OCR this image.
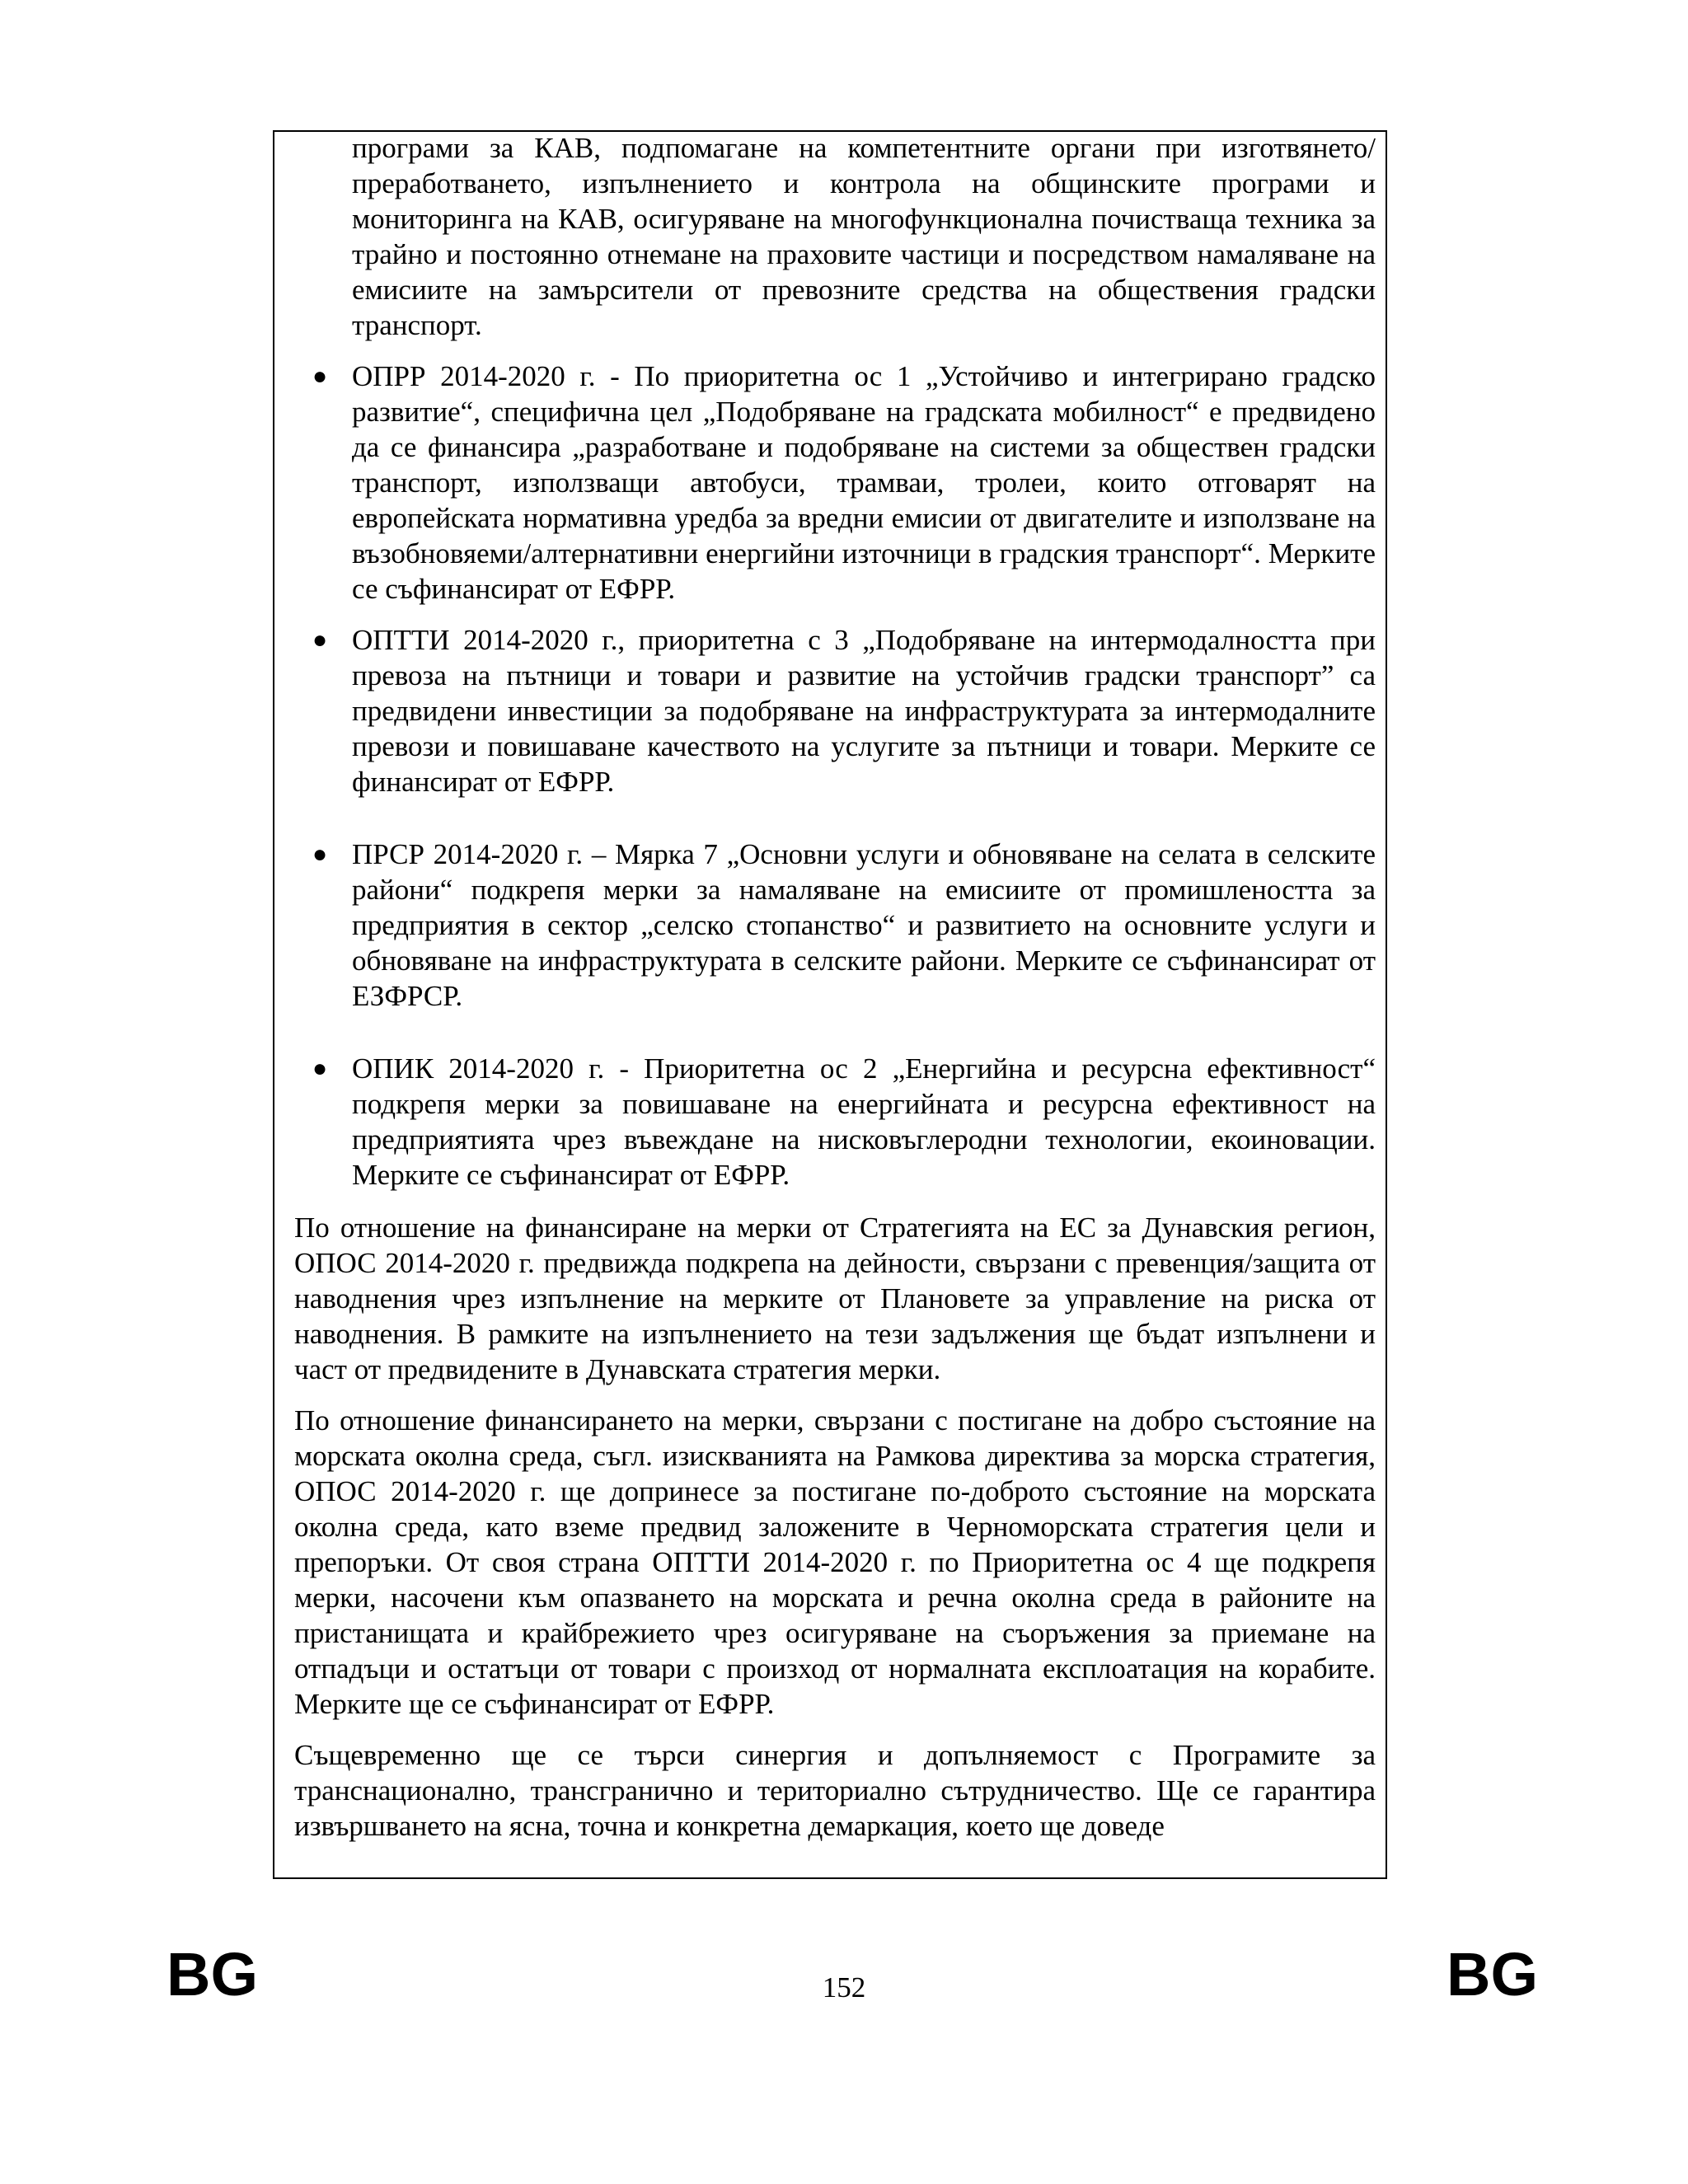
програми за КАВ, подпомагане на компетентните органи при изготвянето/преработването, изпълнението и контрола на общинските програми и мониторинга на КАВ, осигуряване на многофункционална почистваща техника за трайно и постоянно отнемане на праховите частици и посредством намаляване на емисиите на замърсители от превозните средства на обществения градски транспорт.

● ОПРР 2014-2020 г. - По приоритетна ос 1 „Устойчиво и интегрирано градско развитие“, специфична цел „Подобряване на градската мобилност“ е предвидено да се финансира „разработване и подобряване на системи за обществен градски транспорт, използващи автобуси, трамваи, тролеи, които отговарят на европейската нормативна уредба за вредни емисии от двигателите и използване на възобновяеми/алтернативни енергийни източници в градския транспорт“. Мерките се съфинансират от ЕФРР.

● ОПТТИ 2014-2020 г., приоритетна с 3 „Подобряване на интермодалността при превоза на пътници и товари и развитие на устойчив градски транспорт” са предвидени инвестиции за подобряване на инфраструктурата за интермодалните превози и повишаване качеството на услугите за пътници и товари. Мерките се финансират от ЕФРР.

● ПРСР 2014-2020 г. – Мярка 7 „Основни услуги и обновяване на селата в селските райони“ подкрепя мерки за намаляване на емисиите от промишлеността за предприятия в сектор „селско стопанство“ и развитието на основните услуги и обновяване на инфраструктурата в селските райони. Мерките се съфинансират от ЕЗФРСР.

● ОПИК 2014-2020 г. - Приоритетна ос 2 „Енергийна и ресурсна ефективност“ подкрепя мерки за повишаване на енергийната и ресурсна ефективност на предприятията чрез въвеждане на нисковъглеродни технологии, екоиновации. Мерките се съфинансират от ЕФРР.

По отношение на финансиране на мерки от Стратегията на ЕС за Дунавския регион, ОПОС 2014-2020 г. предвижда подкрепа на дейности, свързани с превенция/защита от наводнения чрез изпълнение на мерките от Плановете за управление на риска от наводнения. В рамките на изпълнението на тези задължения ще бъдат изпълнени и част от предвидените в Дунавската стратегия мерки.

По отношение финансирането на мерки, свързани с постигане на добро състояние на морската околна среда, съгл. изискванията на Рамкова директива за морска стратегия, ОПОС 2014-2020 г. ще допринесе за постигане по-доброто състояние на морската околна среда, като вземе предвид заложените в Черноморската стратегия цели и препоръки. От своя страна ОПТТИ 2014-2020 г. по Приоритетна ос 4 ще подкрепя мерки, насочени към опазването на морската и речна околна среда в районите на пристанищата и крайбрежието чрез осигуряване на съоръжения за приемане на отпадъци и остатъци от товари с произход от нормалната експлоатация на корабите. Мерките ще се съфинансират от ЕФРР.

Същевременно ще се търси синергия и допълняемост с Програмите за транснационално, трансгранично и териториално сътрудничество. Ще се гарантира извършването на ясна, точна и конкретна демаркация, което ще доведе

BG	152	BG
